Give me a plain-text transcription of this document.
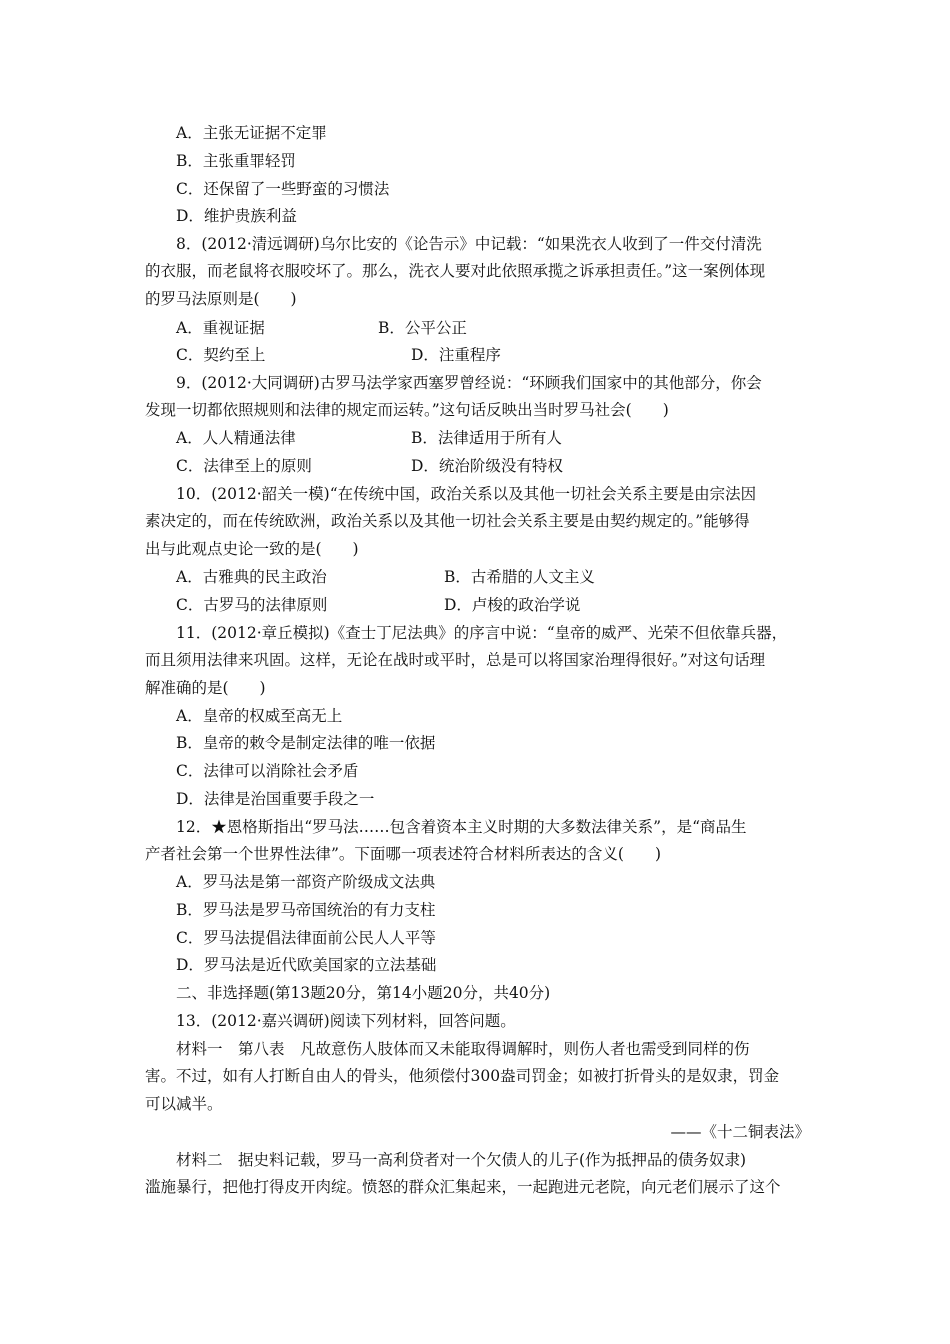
A．主张无证据不定罪
B．主张重罪轻罚
C．还保留了一些野蛮的习惯法
D．维护贵族利益
8．(2012·清远调研)乌尔比安的《论告示》中记载：“如果洗衣人收到了一件交付清洗
的衣服，而老鼠将衣服咬坏了。那么，洗衣人要对此依照承揽之诉承担责任。”这一案例体现
的罗马法原则是(　　)
A．重视证据	B．公平公正
C．契约至上	D．注重程序
9．(2012·大同调研)古罗马法学家西塞罗曾经说：“环顾我们国家中的其他部分，你会
发现一切都依照规则和法律的规定而运转。”这句话反映出当时罗马社会(　　)
A．人人精通法律	B．法律适用于所有人
C．法律至上的原则	D．统治阶级没有特权
10．(2012·韶关一模)“在传统中国，政治关系以及其他一切社会关系主要是由宗法因
素决定的，而在传统欧洲，政治关系以及其他一切社会关系主要是由契约规定的。”能够得
出与此观点史论一致的是(　　)
A．古雅典的民主政治	B．古希腊的人文主义
C．古罗马的法律原则	D．卢梭的政治学说
11．(2012·章丘模拟)《查士丁尼法典》的序言中说：“皇帝的威严、光荣不但依靠兵器，
而且须用法律来巩固。这样，无论在战时或平时，总是可以将国家治理得很好。”对这句话理
解准确的是(　　)
A．皇帝的权威至高无上
B．皇帝的敕令是制定法律的唯一依据
C．法律可以消除社会矛盾
D．法律是治国重要手段之一
12．★恩格斯指出“罗马法……包含着资本主义时期的大多数法律关系”，是“商品生
产者社会第一个世界性法律”。下面哪一项表述符合材料所表达的含义(　　)
A．罗马法是第一部资产阶级成文法典
B．罗马法是罗马帝国统治的有力支柱
C．罗马法提倡法律面前公民人人平等
D．罗马法是近代欧美国家的立法基础
二、非选择题(第13题20分，第14小题20分，共40分)
13．(2012·嘉兴调研)阅读下列材料，回答问题。
材料一　第八表　凡故意伤人肢体而又未能取得调解时，则伤人者也需受到同样的伤
害。不过，如有人打断自由人的骨头，他须偿付300盎司罚金；如被打折骨头的是奴隶，罚金
可以减半。
——《十二铜表法》
材料二　据史料记载，罗马一高利贷者对一个欠债人的儿子(作为抵押品的债务奴隶)
滥施暴行，把他打得皮开肉绽。愤怒的群众汇集起来，一起跑进元老院，向元老们展示了这个
